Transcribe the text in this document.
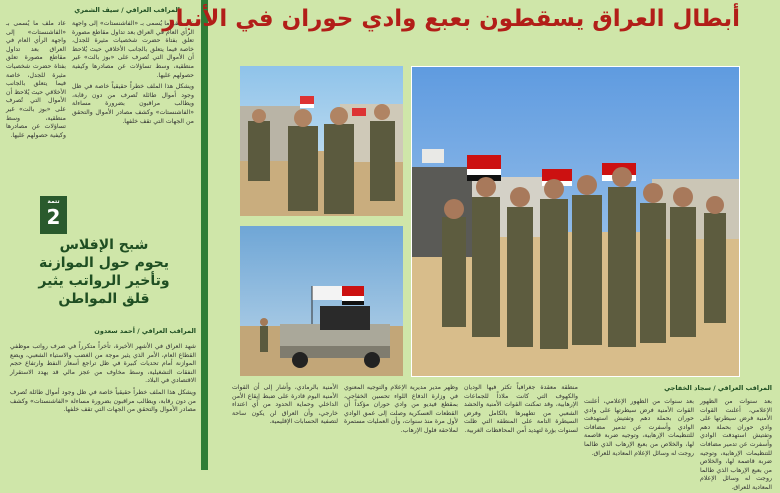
المراقب العراقي / سيف الشمري

عاد ملف ما يُسمى بـ «الفاشنستات» إلى واجهة الرأي العام في العراق بعد تداول مقاطع مصورة تعلق بفتاة حضرت شخصيات مثيرة للجدل، خاصة فيما يتعلق بالجانب الأخلاقي حيث يُلاحظ أن الأموال التي تُصرف على «بوز بالت» غير منطقية، وسط تساؤلات عن مصادرها وكيفية حصولهم عليها.

ويشكل هذا الملف خطراً حقيقياً خاصة في ظل وجود أموال طائلة تُصرف من دون رقابة، ويطالب مراقبون بضرورة مساءلة «الفاشنستات» وكشف مصادر الأموال والتحقق من الجهات التي تقف خلفها.

عاد ملف ما يُسمى بـ «الفاشنستات» إلى واجهة الرأي العام في العراق بعد تداول مقاطع مصورة تعلق بفتاة حضرت شخصيات مثيرة للجدل، خاصة فيما يتعلق بالجانب الأخلاقي حيث يُلاحظ أن الأموال التي تُصرف على «بوز بالت» غير منطقية، وسط تساؤلات عن مصادرها وكيفية حصولهم عليها.

تتمة
2
شبح الإفلاس
يحوم حول الموازنة
وتأخير الرواتب يثير
قلق المواطن
المراقب العراقي / أحمد سعدون

شهد العراق في الأشهر الأخيرة، تأخراً متكرراً في صرف رواتب موظفي القطاع العام، الأمر الذي يثير موجة من الغضب والاستياء الشعبي، ويضع الموازنة أمام تحديات كبيرة في ظل تراجع أسعار النفط وارتفاع حجم النفقات التشغيلية، وسط مخاوف من عجز مالي قد يهدد الاستقرار الاقتصادي في البلاد.

ويشكل هذا الملف خطراً حقيقياً خاصة في ظل وجود أموال طائلة تُصرف من دون رقابة، ويطالب مراقبون بضرورة مساءلة «الفاشنستات» وكشف مصادر الأموال والتحقق من الجهات التي تقف خلفها.

أبطال العراق يسقطون بعبع وادي حوران في الأنبار
المراقب العراقي / سجاد الخفاجي

بعد سنوات من الظهور الإعلامي، أعلنت القوات الأمنية فرض سيطرتها على وادي حوران بحملة دهم وتفتيش استهدفت الوادي وأسفرت عن تدمير مضافات للتنظيمات الإرهابية، وتوجيه ضربة قاصمة لها، والخلاص من بعبع الإرهاب الذي طالما روجت له وسائل الإعلام المعادية للعراق.

بعد سنوات من الظهور الإعلامي، أعلنت القوات الأمنية فرض سيطرتها على وادي حوران بحملة دهم وتفتيش استهدفت الوادي وأسفرت عن تدمير مضافات للتنظيمات الإرهابية، وتوجيه ضربة قاصمة لها، والخلاص من بعبع الإرهاب الذي طالما روجت له وسائل الإعلام المعادية للعراق.

منطقة معقدة جغرافياً تكثر فيها الوديان والكهوف التي كانت ملاذاً للجماعات الإرهابية، وقد تمكنت القوات الأمنية والحشد الشعبي من تطهيرها بالكامل وفرض السيطرة التامة على المنطقة التي ظلت لسنوات بؤرة لتهديد أمن المحافظات الغربية.

وظهر مدير مديرية الإعلام والتوجيه المعنوي في وزارة الدفاع اللواء تحسين الخفاجي، بمقطع فيديو من وادي حوران مؤكداً أن القطعات العسكرية وصلت إلى عمق الوادي لأول مرة منذ سنوات، وأن العمليات مستمرة لملاحقة فلول الإرهاب.

الأمنية بالرمادي، وأشار إلى أن القوات الأمنية اليوم قادرة على ضبط إيقاع الأمن الداخلي وحماية الحدود من أي اعتداء خارجي، وأن العراق لن يكون ساحة لتصفية الحسابات الإقليمية.
